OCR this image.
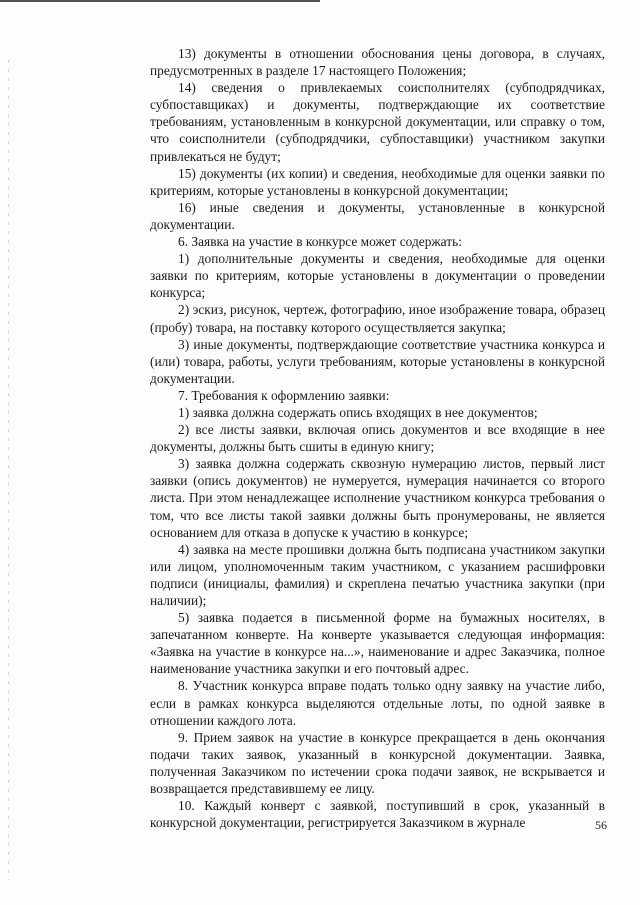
13) документы в отношении обоснования цены договора, в случаях, предусмотренных в разделе 17 настоящего Положения;

14) сведения о привлекаемых соисполнителях (субподрядчиках, субпоставщиках) и документы, подтверждающие их соответствие требованиям, установленным в конкурсной документации, или справку о том, что соисполнители (субподрядчики, субпоставщики) участником закупки привлекаться не будут;

15) документы (их копии) и сведения, необходимые для оценки заявки по критериям, которые установлены в конкурсной документации;

16) иные сведения и документы, установленные в конкурсной документации.

6. Заявка на участие в конкурсе может содержать:

1) дополнительные документы и сведения, необходимые для оценки заявки по критериям, которые установлены в документации о проведении конкурса;

2) эскиз, рисунок, чертеж, фотографию, иное изображение товара, образец (пробу) товара, на поставку которого осуществляется закупка;

3) иные документы, подтверждающие соответствие участника конкурса и (или) товара, работы, услуги требованиям, которые установлены в конкурсной документации.

7. Требования к оформлению заявки:

1) заявка должна содержать опись входящих в нее документов;

2) все листы заявки, включая опись документов и все входящие в нее документы, должны быть сшиты в единую книгу;

3) заявка должна содержать сквозную нумерацию листов, первый лист заявки (опись документов) не нумеруется, нумерация начинается со второго листа. При этом ненадлежащее исполнение участником конкурса требования о том, что все листы такой заявки должны быть пронумерованы, не является основанием для отказа в допуске к участию в конкурсе;

4) заявка на месте прошивки должна быть подписана участником закупки или лицом, уполномоченным таким участником, с указанием расшифровки подписи (инициалы, фамилия) и скреплена печатью участника закупки (при наличии);

5) заявка подается в письменной форме на бумажных носителях, в запечатанном конверте. На конверте указывается следующая информация: «Заявка на участие в конкурсе на...», наименование и адрес Заказчика, полное наименование участника закупки и его почтовый адрес.

8. Участник конкурса вправе подать только одну заявку на участие либо, если в рамках конкурса выделяются отдельные лоты, по одной заявке в отношении каждого лота.

9. Прием заявок на участие в конкурсе прекращается в день окончания подачи таких заявок, указанный в конкурсной документации. Заявка, полученная Заказчиком по истечении срока подачи заявок, не вскрывается и возвращается представившему ее лицу.

10. Каждый конверт с заявкой, поступивший в срок, указанный в конкурсной документации, регистрируется Заказчиком в журнале	56
